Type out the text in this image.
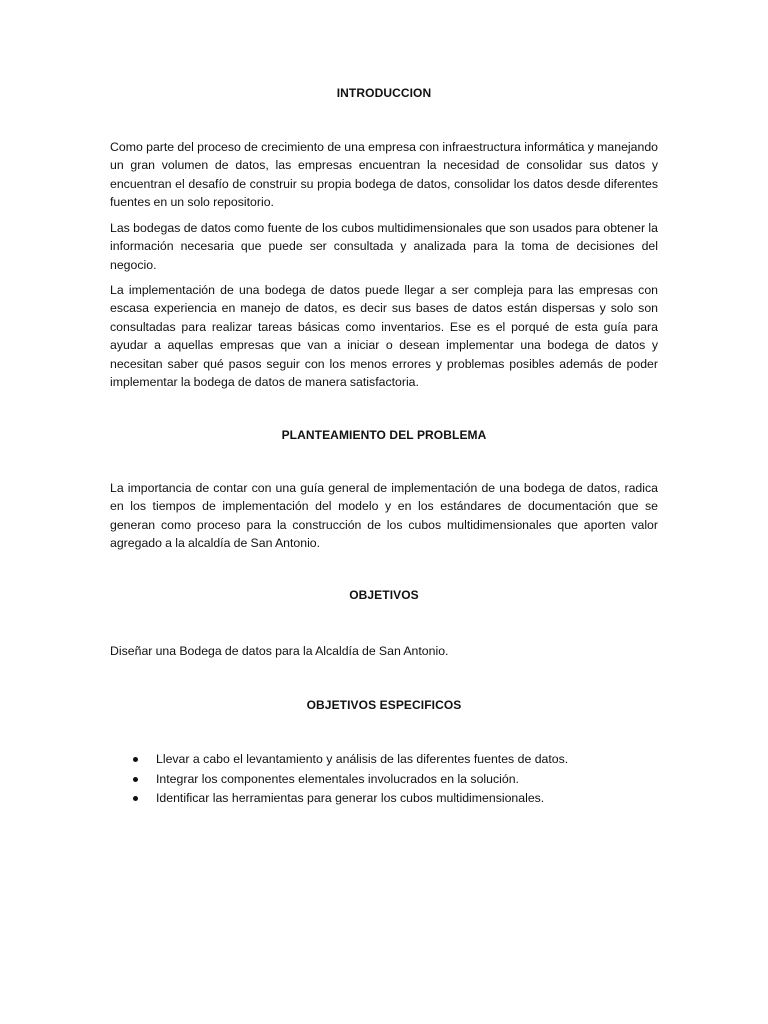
INTRODUCCION

Como parte del proceso de crecimiento de una empresa con infraestructura informática y manejando un gran volumen de datos, las empresas encuentran la necesidad de consolidar sus datos y encuentran el desafío de construir su propia bodega de datos, consolidar los datos desde diferentes fuentes en un solo repositorio.

Las bodegas de datos como fuente de los cubos multidimensionales que son usados para obtener la información necesaria que puede ser consultada y analizada para la toma de decisiones del negocio.

La implementación de una bodega de datos puede llegar a ser compleja para las empresas con escasa experiencia en manejo de datos, es decir sus bases de datos están dispersas y solo son consultadas para realizar tareas básicas como inventarios. Ese es el porqué de esta guía para ayudar a aquellas empresas que van a iniciar o desean implementar una bodega de datos y necesitan saber qué pasos seguir con los menos errores y problemas posibles además de poder implementar la bodega de datos de manera satisfactoria.

PLANTEAMIENTO DEL PROBLEMA

La importancia de contar con una guía general de implementación de una bodega de datos, radica en los tiempos de implementación del modelo y en los estándares de documentación que se generan como proceso para la construcción de los cubos multidimensionales que aporten valor agregado a la alcaldía de San Antonio.

OBJETIVOS

Diseñar una Bodega de datos para la Alcaldía de San Antonio.

OBJETIVOS ESPECIFICOS
Llevar a cabo el levantamiento y análisis de las diferentes fuentes de datos.
Integrar los componentes elementales involucrados en la solución.
Identificar las herramientas para generar los cubos multidimensionales.
